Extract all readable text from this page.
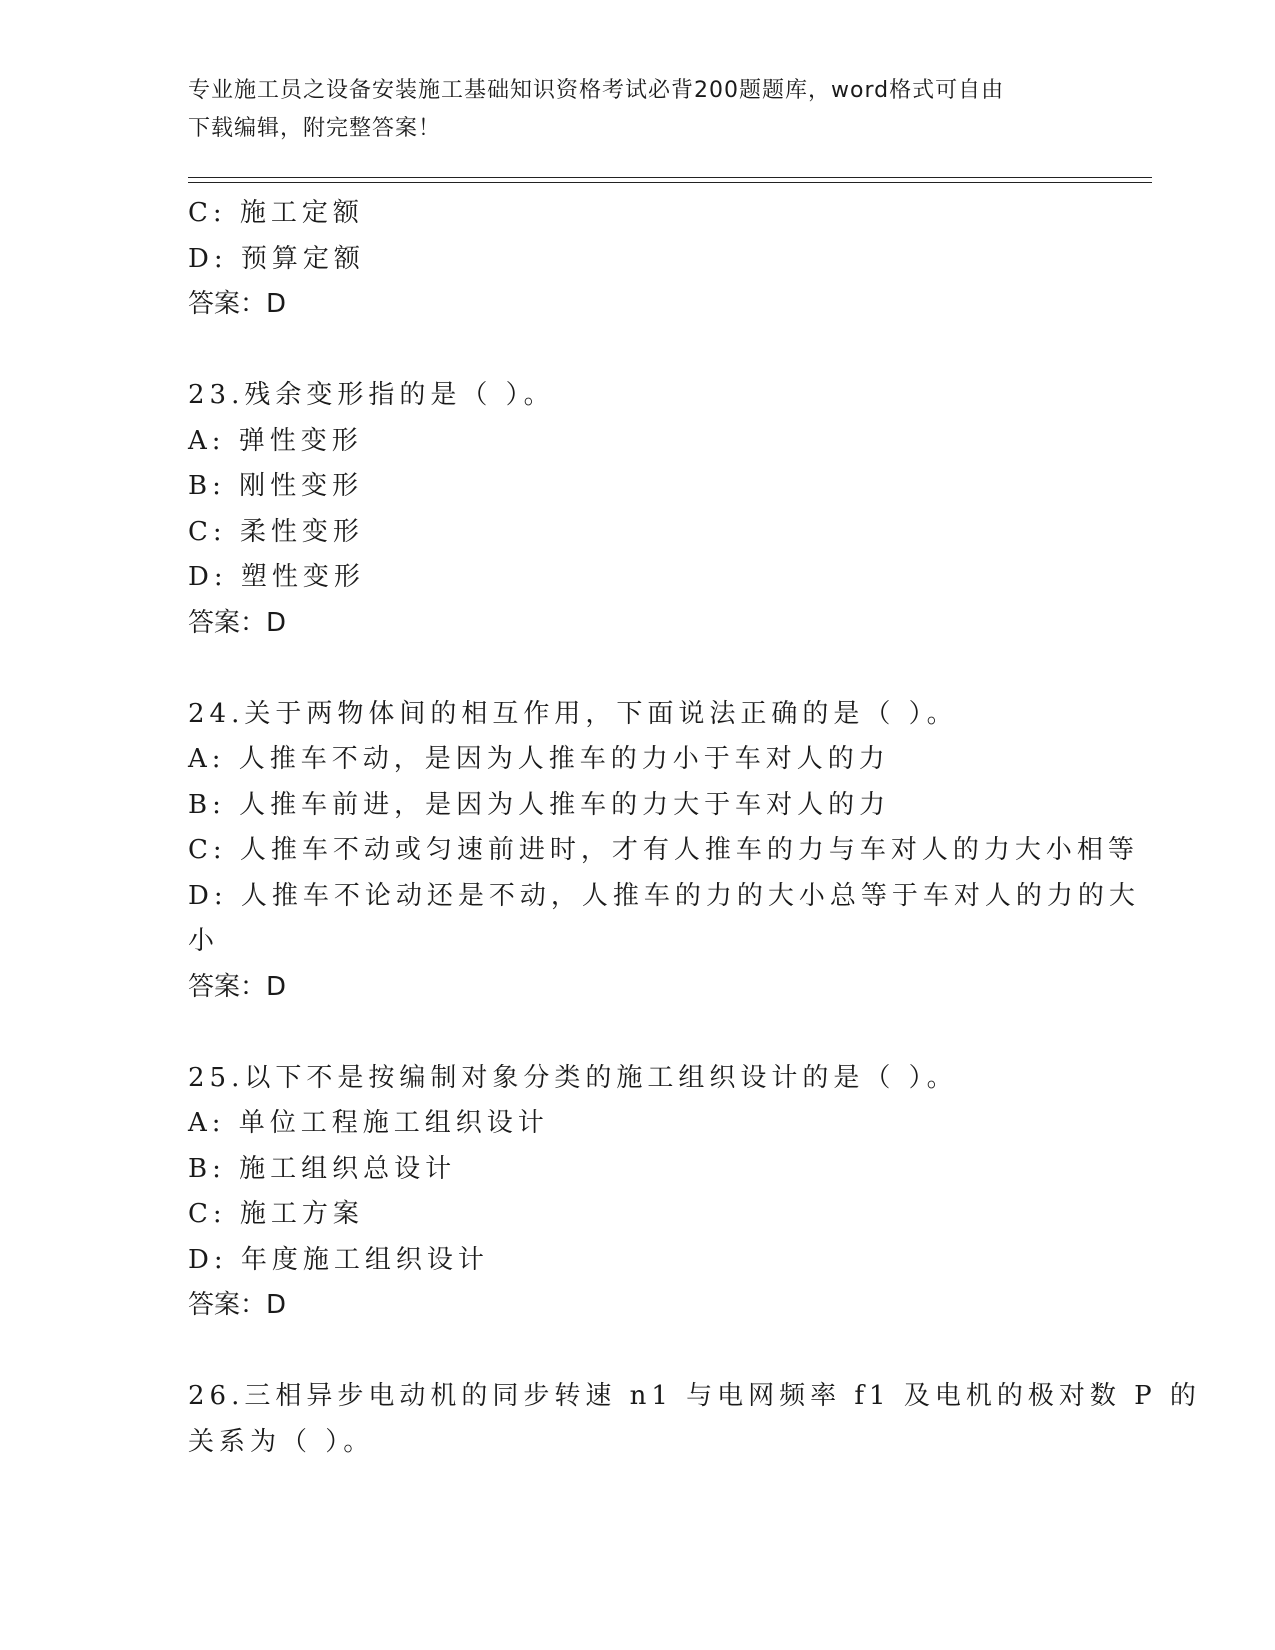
专业施工员之设备安装施工基础知识资格考试必背200题题库，word格式可自由
下载编辑，附完整答案！
C: 施工定额
D: 预算定额
答案：D
23.残余变形指的是（ ）。
A: 弹性变形
B: 刚性变形
C: 柔性变形
D: 塑性变形
答案：D
24.关于两物体间的相互作用，下面说法正确的是（ ）。
A: 人推车不动，是因为人推车的力小于车对人的力
B: 人推车前进，是因为人推车的力大于车对人的力
C: 人推车不动或匀速前进时，才有人推车的力与车对人的力大小相等
D: 人推车不论动还是不动，人推车的力的大小总等于车对人的力的大
小
答案：D
25.以下不是按编制对象分类的施工组织设计的是（ ）。
A: 单位工程施工组织设计
B: 施工组织总设计
C: 施工方案
D: 年度施工组织设计
答案：D
26.三相异步电动机的同步转速 n1 与电网频率 f1 及电机的极对数 P 的
关系为（ ）。
